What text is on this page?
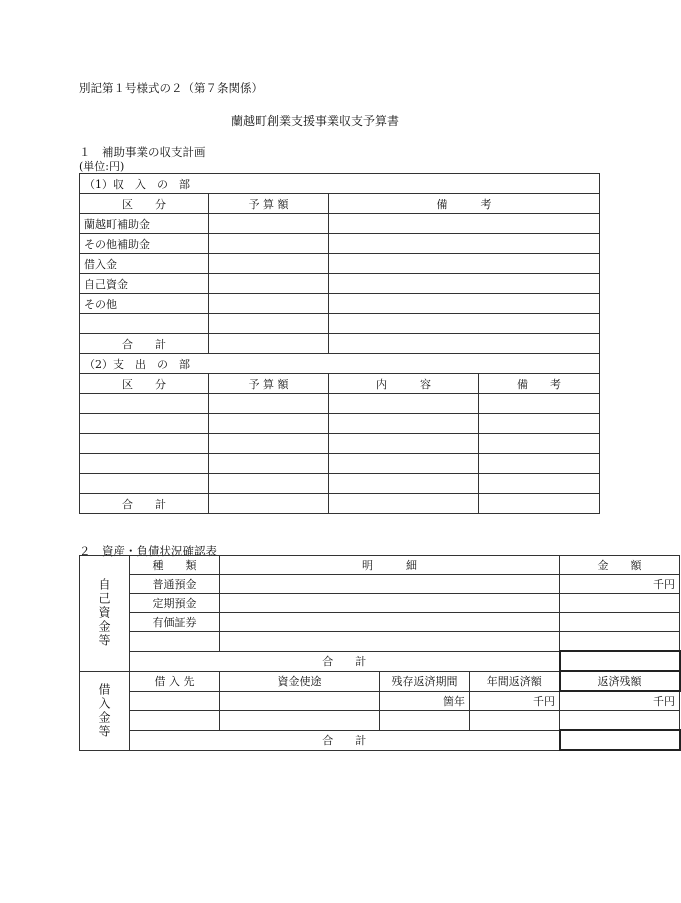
別記第１号様式の２（第７条関係）
蘭越町創業支援事業収支予算書
１　補助事業の収支計画
(単位:円)
（1）収　入　の　部			
区　　分	予 算 額	備　　　考	
蘭越町補助金			
その他補助金			
借入金			
自己資金			
その他			

合　　計			
（2）支　出　の　部			
区　　分	予 算 額	内　　　容	備　　考

合　　計			
２　資産・負債状況確認表
自己資金等	種　　類	明　　　細			金　　額
	普通預金				千円
	定期預金				
	有価証券				

	合　　計				

借入金等	借 入 先	資金使途	残存返済期間	年間返済額	返済残額
			箇年	千円	千円

	合　　計				
